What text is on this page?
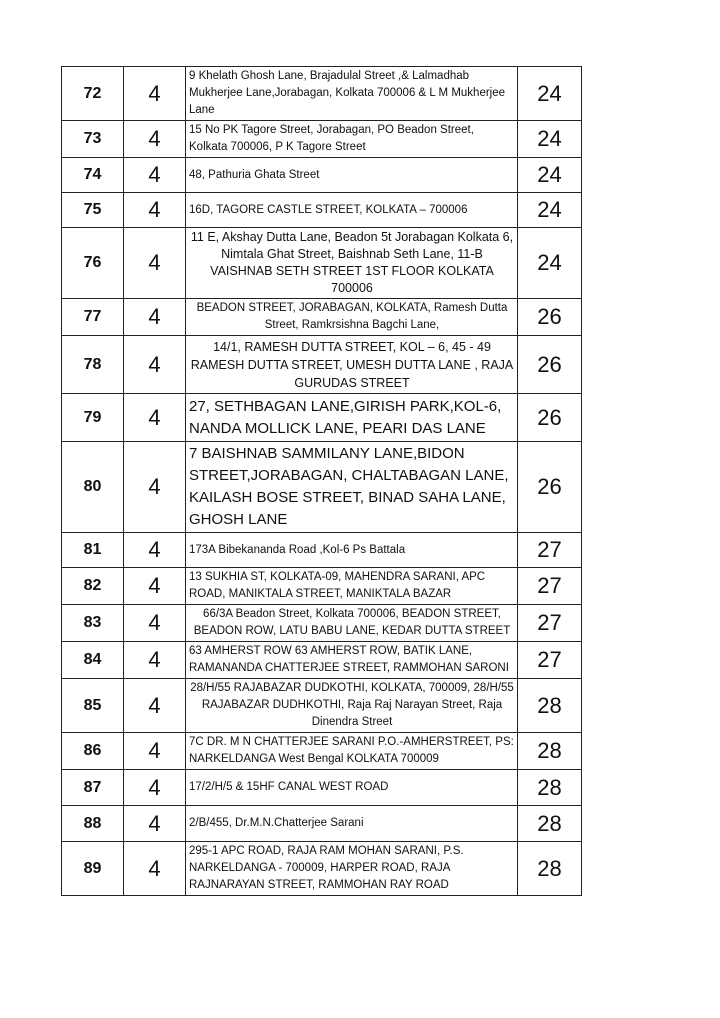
72	4	9 Khelath Ghosh Lane, Brajadulal Street ,& Lalmadhab Mukherjee Lane,Jorabagan, Kolkata 700006 & L M Mukherjee Lane	24
73	4	15 No PK Tagore Street, Jorabagan, PO Beadon Street, Kolkata 700006, P K Tagore Street	24
74	4	48, Pathuria Ghata Street	24
75	4	16D, TAGORE CASTLE STREET, KOLKATA – 700006	24
76	4	11 E, Akshay Dutta Lane, Beadon 5t Jorabagan Kolkata 6, Nimtala Ghat Street, Baishnab Seth Lane, 11-B VAISHNAB SETH STREET 1ST FLOOR KOLKATA 700006	24
77	4	BEADON STREET, JORABAGAN, KOLKATA, Ramesh Dutta Street, Ramkrsishna Bagchi Lane,	26
78	4	14/1, RAMESH DUTTA STREET, KOL – 6, 45 - 49 RAMESH DUTTA STREET, UMESH DUTTA LANE , RAJA GURUDAS STREET	26
79	4	27, SETHBAGAN LANE,GIRISH PARK,KOL-6, NANDA MOLLICK LANE, PEARI DAS LANE	26
80	4	7 BAISHNAB SAMMILANY LANE,BIDON STREET,JORABAGAN, CHALTABAGAN LANE, KAILASH BOSE STREET, BINAD SAHA LANE, GHOSH LANE	26
81	4	173A Bibekananda Road ,Kol-6 Ps Battala	27
82	4	13 SUKHIA ST, KOLKATA-09, MAHENDRA SARANI, APC ROAD, MANIKTALA STREET, MANIKTALA BAZAR	27
83	4	66/3A Beadon Street, Kolkata 700006, BEADON STREET, BEADON ROW, LATU BABU LANE, KEDAR DUTTA STREET	27
84	4	63 AMHERST ROW 63 AMHERST ROW, BATIK LANE, RAMANANDA CHATTERJEE STREET, RAMMOHAN SARONI	27
85	4	28/H/55 RAJABAZAR DUDKOTHI, KOLKATA, 700009, 28/H/55 RAJABAZAR DUDHKOTHI, Raja Raj Narayan Street, Raja Dinendra Street	28
86	4	7C DR. M N CHATTERJEE SARANI P.O.-AMHERSTREET, PS: NARKELDANGA West Bengal KOLKATA 700009	28
87	4	17/2/H/5 & 15HF CANAL WEST ROAD	28
88	4	2/B/455, Dr.M.N.Chatterjee Sarani	28
89	4	295-1 APC ROAD, RAJA RAM MOHAN SARANI, P.S. NARKELDANGA - 700009, HARPER ROAD, RAJA RAJNARAYAN STREET, RAMMOHAN RAY ROAD	28
